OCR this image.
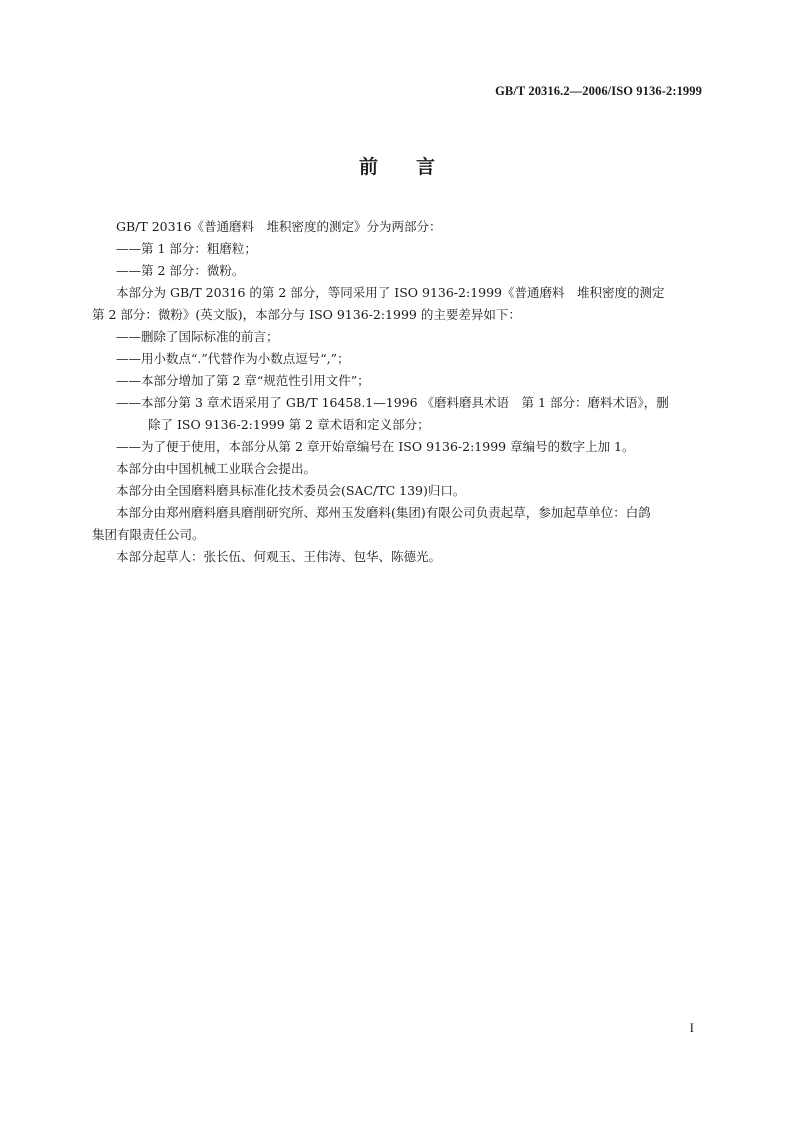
GB/T 20316.2—2006/ISO 9136-2:1999
前 言

GB/T 20316《普通磨料　堆积密度的测定》分为两部分：

——第 1 部分：粗磨粒；

——第 2 部分：微粉。

本部分为 GB/T 20316 的第 2 部分，等同采用了 ISO 9136-2:1999《普通磨料　堆积密度的测定

第 2 部分：微粉》(英文版)，本部分与 ISO 9136-2:1999 的主要差异如下：

——删除了国际标准的前言；

——用小数点“.”代替作为小数点逗号“,”；

——本部分增加了第 2 章“规范性引用文件”；

——本部分第 3 章术语采用了 GB/T 16458.1—1996 《磨料磨具术语　第 1 部分：磨料术语》，删

除了 ISO 9136-2:1999 第 2 章术语和定义部分；

——为了便于使用，本部分从第 2 章开始章编号在 ISO 9136-2:1999 章编号的数字上加 1。

本部分由中国机械工业联合会提出。

本部分由全国磨料磨具标准化技术委员会(SAC/TC 139)归口。

本部分由郑州磨料磨具磨削研究所、郑州玉发磨料(集团)有限公司负责起草，参加起草单位：白鸽

集团有限责任公司。

本部分起草人：张长伍、何观玉、王伟涛、包华、陈德光。

I
